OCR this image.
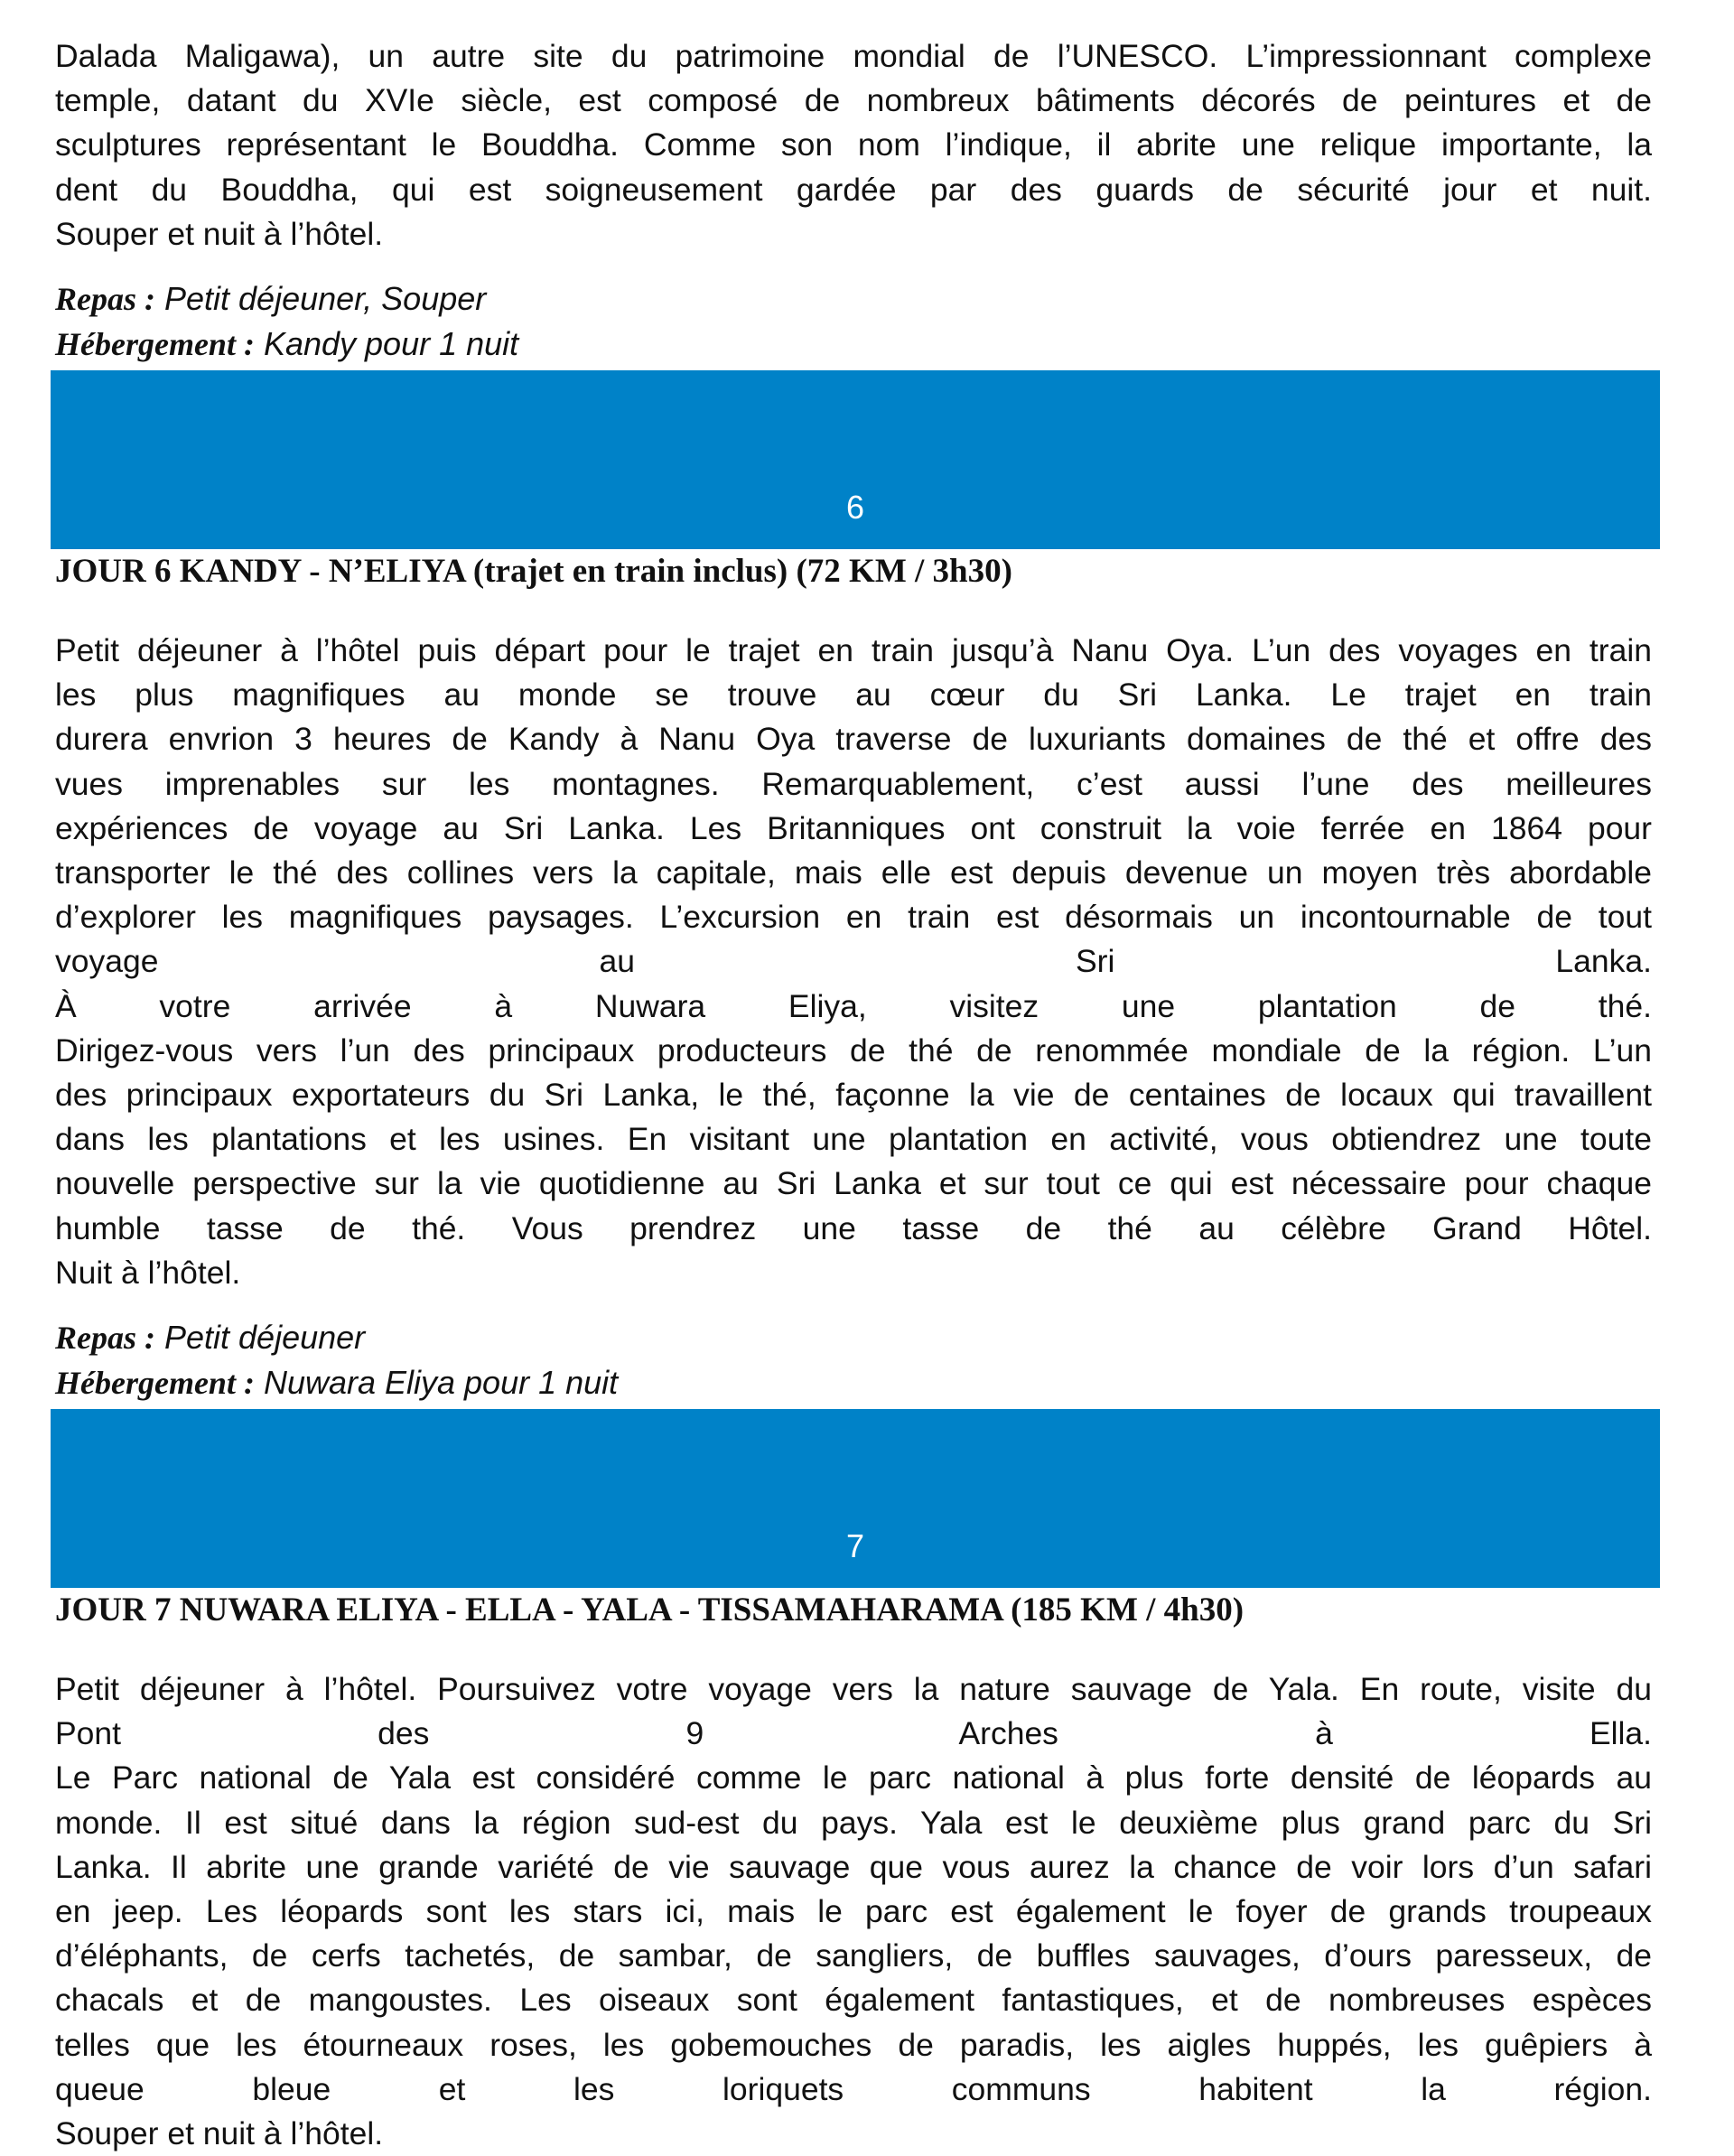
Dalada Maligawa), un autre site du patrimoine mondial de l’UNESCO. L’impressionnant complexe
temple, datant du XVIe siècle, est composé de nombreux bâtiments décorés de peintures et de
sculptures représentant le Bouddha. Comme son nom l’indique, il abrite une relique importante, la
dent du Bouddha, qui est soigneusement gardée par des guards de sécurité jour et nuit.
Souper et nuit à l’hôtel.

Repas : Petit déjeuner, Souper

Hébergement : Kandy pour 1 nuit

6

JOUR 6 KANDY - N’ELIYA (trajet en train inclus) (72 KM / 3h30)

Petit déjeuner à l’hôtel puis départ pour le trajet en train jusqu’à Nanu Oya. L’un des voyages en train
les plus magnifiques au monde se trouve au cœur du Sri Lanka. Le trajet en train
durera envrion 3 heures de Kandy à Nanu Oya traverse de luxuriants domaines de thé et offre des
vues imprenables sur les montagnes. Remarquablement, c’est aussi l’une des meilleures
expériences de voyage au Sri Lanka. Les Britanniques ont construit la voie ferrée en 1864 pour
transporter le thé des collines vers la capitale, mais elle est depuis devenue un moyen très abordable
d’explorer les magnifiques paysages. L’excursion en train est désormais un incontournable de tout
voyage au Sri Lanka.
À votre arrivée à Nuwara Eliya, visitez une plantation de thé.
Dirigez-vous vers l’un des principaux producteurs de thé de renommée mondiale de la région. L’un
des principaux exportateurs du Sri Lanka, le thé, façonne la vie de centaines de locaux qui travaillent
dans les plantations et les usines. En visitant une plantation en activité, vous obtiendrez une toute
nouvelle perspective sur la vie quotidienne au Sri Lanka et sur tout ce qui est nécessaire pour chaque
humble tasse de thé. Vous prendrez une tasse de thé au célèbre Grand Hôtel.
Nuit à l’hôtel.

Repas : Petit déjeuner

Hébergement : Nuwara Eliya pour 1 nuit

7

JOUR 7 NUWARA ELIYA - ELLA - YALA - TISSAMAHARAMA (185 KM / 4h30)

Petit déjeuner à l’hôtel. Poursuivez votre voyage vers la nature sauvage de Yala. En route, visite du
Pont des 9 Arches à Ella.
Le Parc national de Yala est considéré comme le parc national à plus forte densité de léopards au
monde. Il est situé dans la région sud-est du pays. Yala est le deuxième plus grand parc du Sri
Lanka. Il abrite une grande variété de vie sauvage que vous aurez la chance de voir lors d’un safari
en jeep. Les léopards sont les stars ici, mais le parc est également le foyer de grands troupeaux
d’éléphants, de cerfs tachetés, de sambar, de sangliers, de buffles sauvages, d’ours paresseux, de
chacals et de mangoustes. Les oiseaux sont également fantastiques, et de nombreuses espèces
telles que les étourneaux roses, les gobemouches de paradis, les aigles huppés, les guêpiers à
queue bleue et les loriquets communs habitent la région.
Souper et nuit à l’hôtel.
